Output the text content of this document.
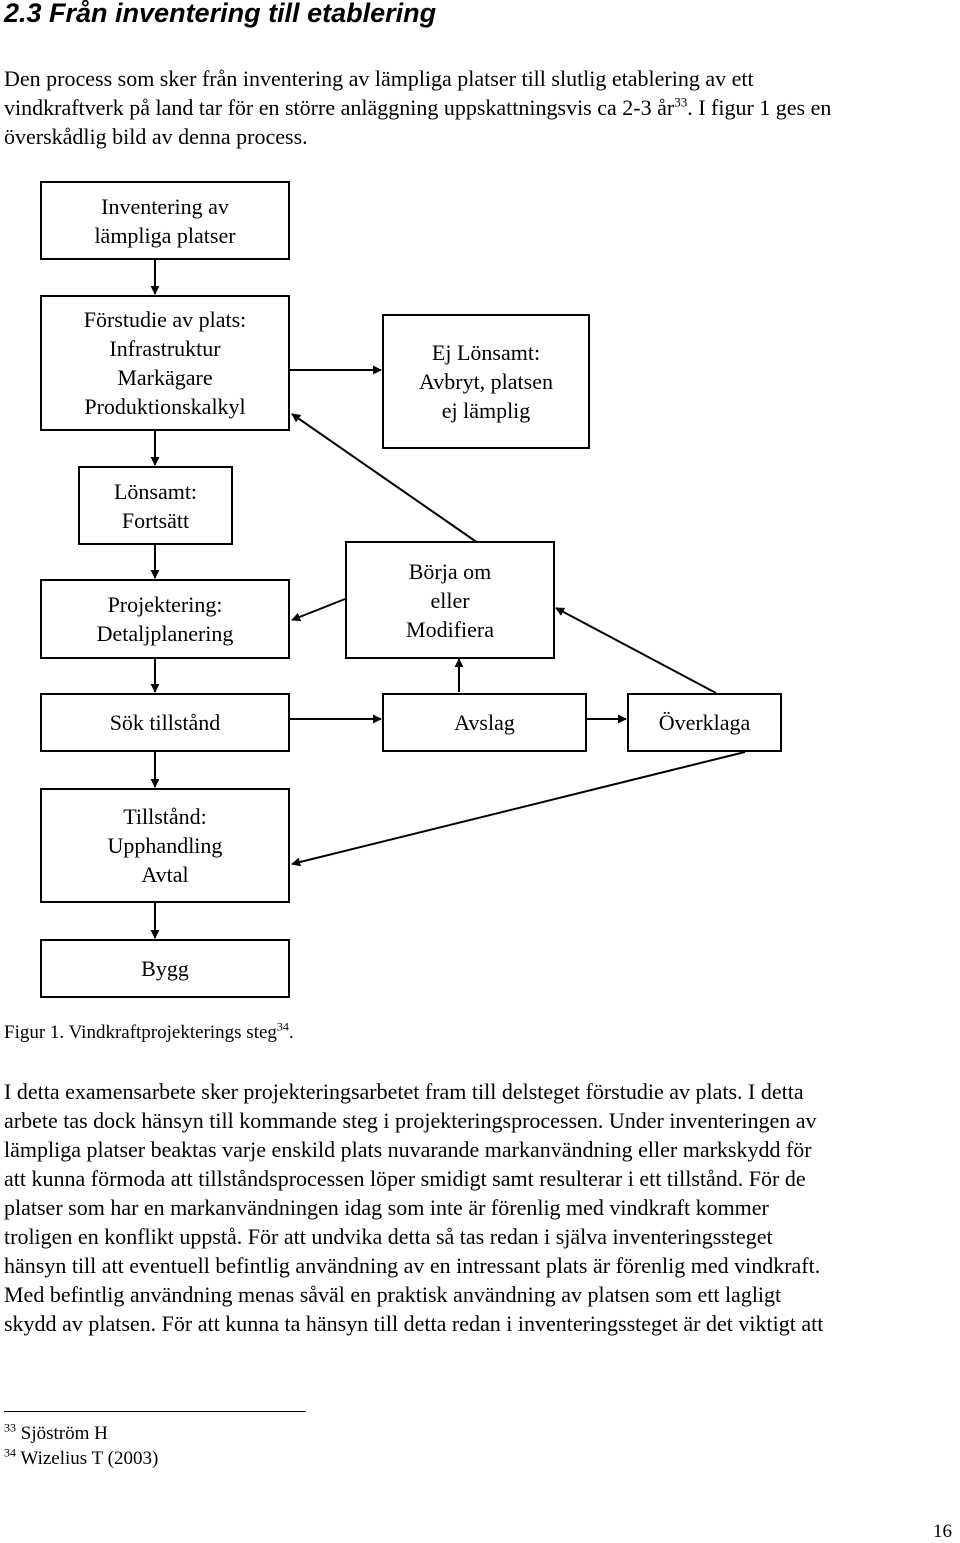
2.3 Från inventering till etablering
Den process som sker från inventering av lämpliga platser till slutlig etablering av ett
vindkraftverk på land tar för en större anläggning uppskattningsvis ca 2-3 $år^{33}$. I figur 1 ges en
överskådlig bild av denna process.
Inventering av
lämpliga platser
Förstudie av plats:
Infrastruktur
Markägare
Produktionskalkyl
Ej Lönsamt:
Avbryt, platsen
ej lämplig
Lönsamt:
Fortsätt
Projektering:
Detaljplanering
Börja om
eller
Modifiera
Sök tillstånd	Avslag	Överklaga
Tillstånd:
Upphandling
Avtal
Bygg
Figur 1. Vindkraftprojekterings steg$^{34}$.
I detta examensarbete sker projekteringsarbetet fram till delsteget förstudie av plats. I detta
arbete tas dock hänsyn till kommande steg i projekteringsprocessen. Under inventeringen av
lämpliga platser beaktas varje enskild plats nuvarande markanvändning eller markskydd för
att kunna förmoda att tillståndsprocessen löper smidigt samt resulterar i ett tillstånd. För de
platser som har en markanvändningen idag som inte är förenlig med vindkraft kommer
troligen en konflikt uppstå. För att undvika detta så tas redan i själva inventeringssteget
hänsyn till att eventuell befintlig användning av en intressant plats är förenlig med vindkraft.
Med befintlig användning menas såväl en praktisk användning av platsen som ett lagligt
skydd av platsen. För att kunna ta hänsyn till detta redan i inventeringssteget är det viktigt att
$^{33}$ Sjöström H
$^{34}$ Wizelius T (2003)
16
